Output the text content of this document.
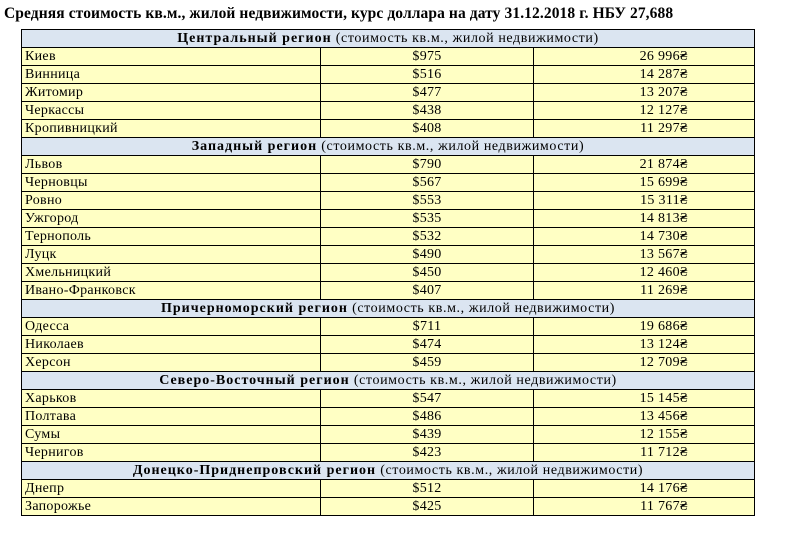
Средняя стоимость кв.м., жилой недвижимости, курс доллара на дату 31.12.2018 г. НБУ 27,688
Центральный регион (стоимость кв.м., жилой недвижимости)		
Киев	$975	26 996₴
Винница	$516	14 287₴
Житомир	$477	13 207₴
Черкассы	$438	12 127₴
Кропивницкий	$408	11 297₴
Западный регион (стоимость кв.м., жилой недвижимости)		
Львов	$790	21 874₴
Черновцы	$567	15 699₴
Ровно	$553	15 311₴
Ужгород	$535	14 813₴
Тернополь	$532	14 730₴
Луцк	$490	13 567₴
Хмельницкий	$450	12 460₴
Ивано-Франковск	$407	11 269₴
Причерноморский регион (стоимость кв.м., жилой недвижимости)		
Одесса	$711	19 686₴
Николаев	$474	13 124₴
Херсон	$459	12 709₴
Северо-Восточный регион (стоимость кв.м., жилой недвижимости)		
Харьков	$547	15 145₴
Полтава	$486	13 456₴
Сумы	$439	12 155₴
Чернигов	$423	11 712₴
Донецко-Приднепровский регион (стоимость кв.м., жилой недвижимости)		
Днепр	$512	14 176₴
Запорожье	$425	11 767₴
